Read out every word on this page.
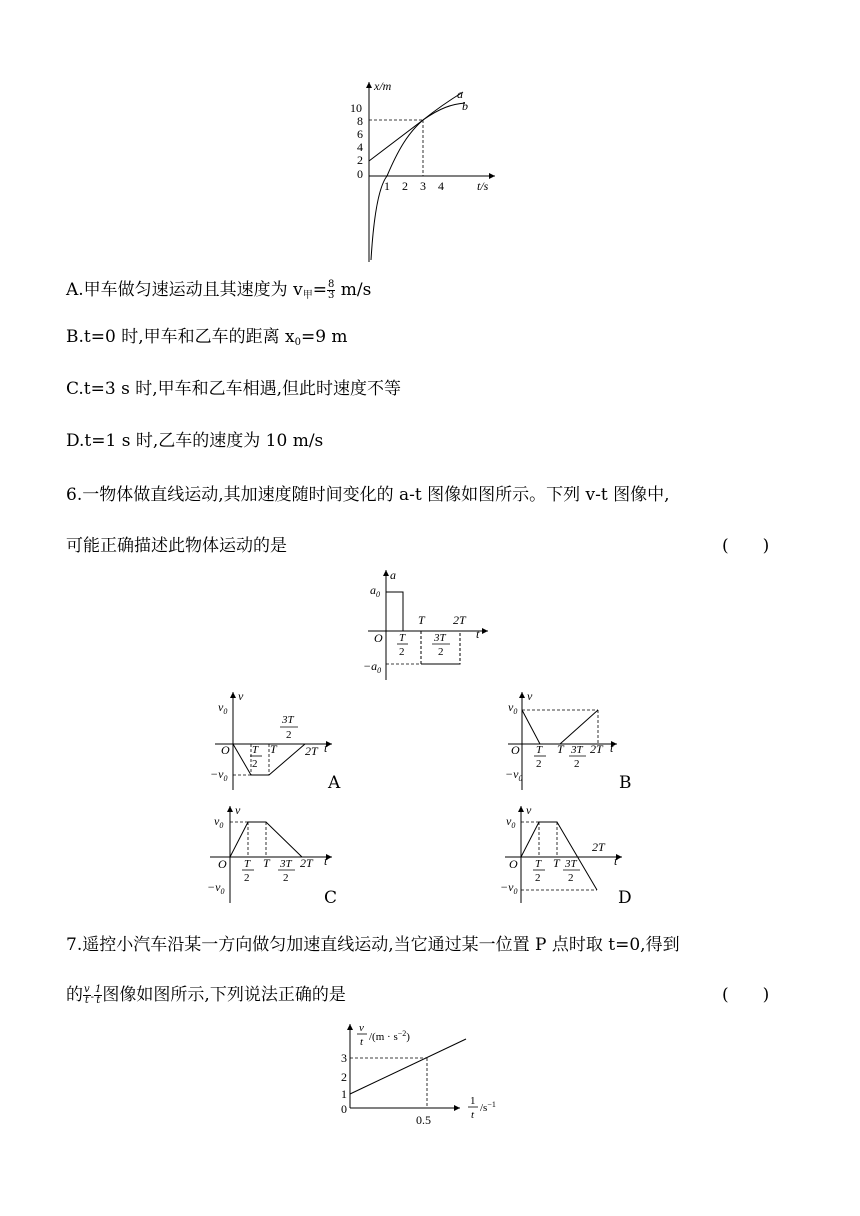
x/m
t/s
10
8
6
4
2
0
1 2 3 4
a
b
A.甲车做匀速运动且其速度为 $v_甲= \frac{8}{3} m/s$
B.t=0 时,甲车和乙车的距离 $x_0=9$ m
C.t=3 s 时,甲车和乙车相遇,但此时速度不等
D.t=1 s 时,乙车的速度为 10 m/s
6.一物体做直线运动,其加速度随时间变化的 a-t 图像如图所示。下列 v-t 图像中,
可能正确描述此物体运动的是	(　　)
a
t
O
$a_0$
$-a_0$
T 2T
T
2
3T
2
v
t
O
$v_0$
$-v_0$
T
2
T
3T
2
2T
A
v
t
O
$v_0$
$-v_0$
T
2
T 3T
2
2T
B
v
t
O
$v_0$
$-v_0$
T
2
T 3T
2
2T
C
v
t
O
$v_0$
$-v_0$
T
2
T 3T
2
2T
D
7.遥控小汽车沿某一方向做匀加速直线运动,当它通过某一位置 P 点时取 t=0,得到
的 $\frac{v}{t} - \frac{1}{t}$ 图像如图所示,下列说法正确的是	(　　)
v
t $/(m \cdot s^{-2})$
3
2
1
0
0.5
1
t
$/s^{-1}$
